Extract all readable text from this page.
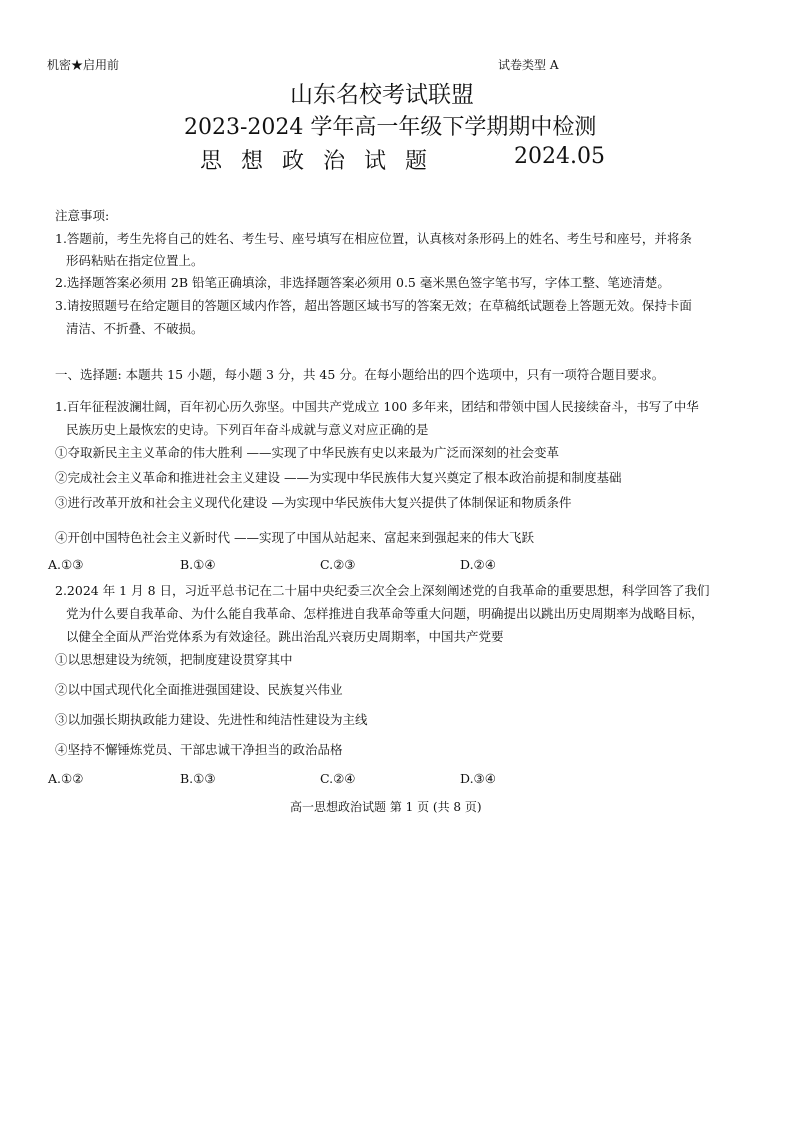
机密★启用前	试卷类型 A
山东名校考试联盟
2023-2024 学年高一年级下学期期中检测
思 想 政 治 试 题	2024.05
注意事项:
1.答题前，考生先将自己的姓名、考生号、座号填写在相应位置，认真核对条形码上的姓名、考生号和座号，并将条
形码粘贴在指定位置上。
2.选择题答案必须用 2B 铅笔正确填涂，非选择题答案必须用 0.5 毫米黑色签字笔书写，字体工整、笔迹清楚。
3.请按照题号在给定题目的答题区域内作答，超出答题区域书写的答案无效；在草稿纸试题卷上答题无效。保持卡面
清洁、不折叠、不破损。
一、选择题: 本题共 15 小题，每小题 3 分，共 45 分。在每小题给出的四个选项中，只有一项符合题目要求。
1.百年征程波澜壮阔，百年初心历久弥坚。中国共产党成立 100 多年来，团结和带领中国人民接续奋斗，书写了中华
民族历史上最恢宏的史诗。下列百年奋斗成就与意义对应正确的是
①夺取新民主主义革命的伟大胜利 ——实现了中华民族有史以来最为广泛而深刻的社会变革
②完成社会主义革命和推进社会主义建设 ——为实现中华民族伟大复兴奠定了根本政治前提和制度基础
③进行改革开放和社会主义现代化建设 —为实现中华民族伟大复兴提供了体制保证和物质条件
④开创中国特色社会主义新时代 ——实现了中国从站起来、富起来到强起来的伟大飞跃
A.①③	B.①④	C.②③	D.②④
2.2024 年 1 月 8 日，习近平总书记在二十届中央纪委三次全会上深刻阐述党的自我革命的重要思想，科学回答了我们
党为什么要自我革命、为什么能自我革命、怎样推进自我革命等重大问题，明确提出以跳出历史周期率为战略目标，
以健全全面从严治党体系为有效途径。跳出治乱兴衰历史周期率，中国共产党要
①以思想建设为统领，把制度建设贯穿其中
②以中国式现代化全面推进强国建设、民族复兴伟业
③以加强长期执政能力建设、先进性和纯洁性建设为主线
④坚持不懈锤炼党员、干部忠诚干净担当的政治品格
A.①②	B.①③	C.②④	D.③④
高一思想政治试题 第 1 页 (共 8 页)
